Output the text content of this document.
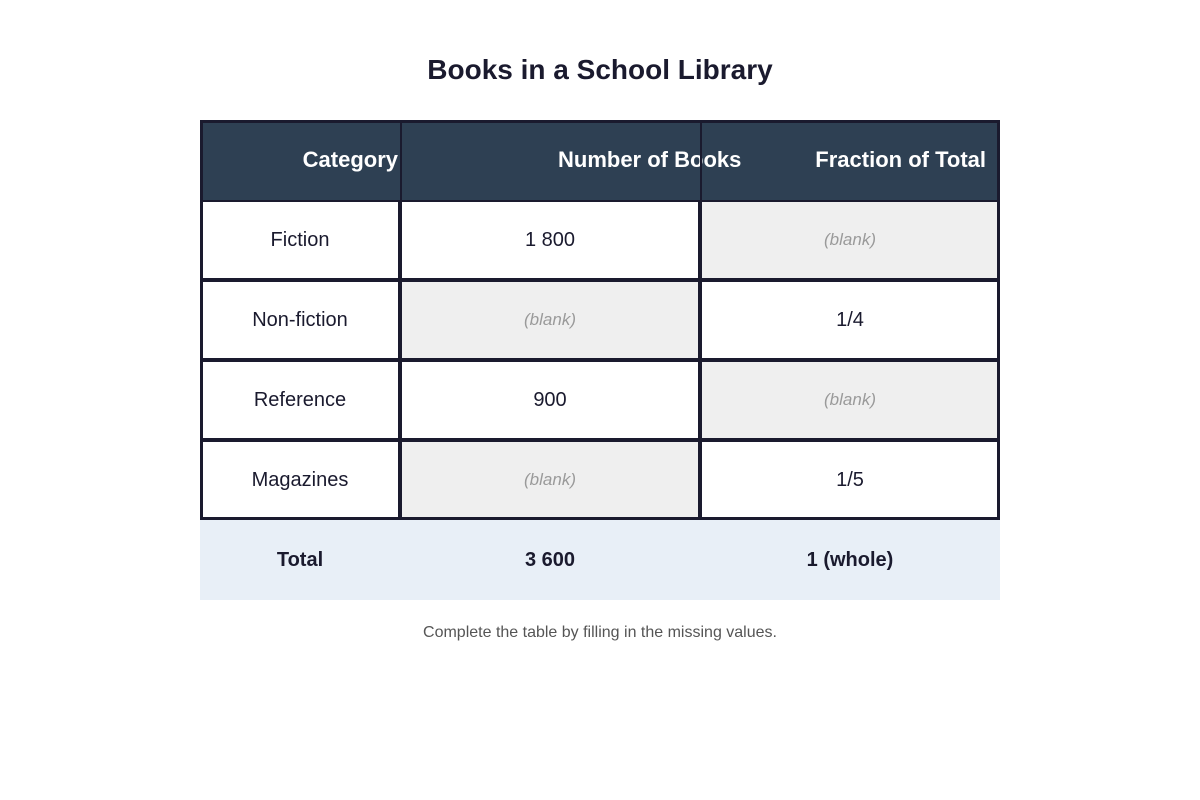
Books in a School Library
Category	Number of Books	Fraction of Total
Fiction	1 800	(blank)
Non-fiction	(blank)	1/4
Reference	900	(blank)
Magazines	(blank)	1/5
Total	3 600	1 (whole)
Complete the table by filling in the missing values.
